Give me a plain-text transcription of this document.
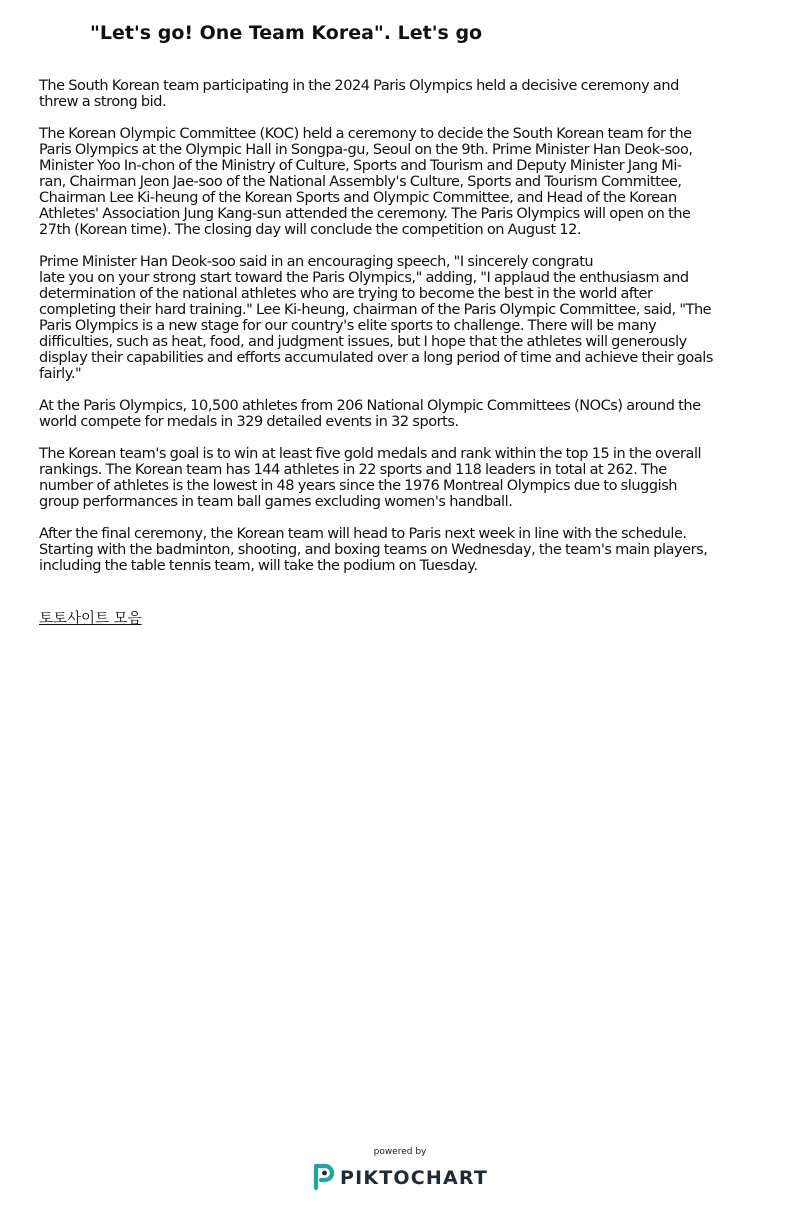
"Let's go! One Team Korea". Let's go

The South Korean team participating in the 2024 Paris Olympics held a decisive ceremony and
threw a strong bid.

The Korean Olympic Committee (KOC) held a ceremony to decide the South Korean team for the
Paris Olympics at the Olympic Hall in Songpa-gu, Seoul on the 9th. Prime Minister Han Deok-soo,
Minister Yoo In-chon of the Ministry of Culture, Sports and Tourism and Deputy Minister Jang Mi-
ran, Chairman Jeon Jae-soo of the National Assembly's Culture, Sports and Tourism Committee,
Chairman Lee Ki-heung of the Korean Sports and Olympic Committee, and Head of the Korean
Athletes' Association Jung Kang-sun attended the ceremony. The Paris Olympics will open on the
27th (Korean time). The closing day will conclude the competition on August 12.

Prime Minister Han Deok-soo said in an encouraging speech, "I sincerely congratu
late you on your strong start toward the Paris Olympics," adding, "I applaud the enthusiasm and
determination of the national athletes who are trying to become the best in the world after
completing their hard training." Lee Ki-heung, chairman of the Paris Olympic Committee, said, "The
Paris Olympics is a new stage for our country's elite sports to challenge. There will be many
difficulties, such as heat, food, and judgment issues, but I hope that the athletes will generously
display their capabilities and efforts accumulated over a long period of time and achieve their goals
fairly."

At the Paris Olympics, 10,500 athletes from 206 National Olympic Committees (NOCs) around the
world compete for medals in 329 detailed events in 32 sports.

The Korean team's goal is to win at least five gold medals and rank within the top 15 in the overall
rankings. The Korean team has 144 athletes in 22 sports and 118 leaders in total at 262. The
number of athletes is the lowest in 48 years since the 1976 Montreal Olympics due to sluggish
group performances in team ball games excluding women's handball.

After the final ceremony, the Korean team will head to Paris next week in line with the schedule.
Starting with the badminton, shooting, and boxing teams on Wednesday, the team's main players,
including the table tennis team, will take the podium on Tuesday.

토토사이트 모음
powered by
PIKTOCHART
